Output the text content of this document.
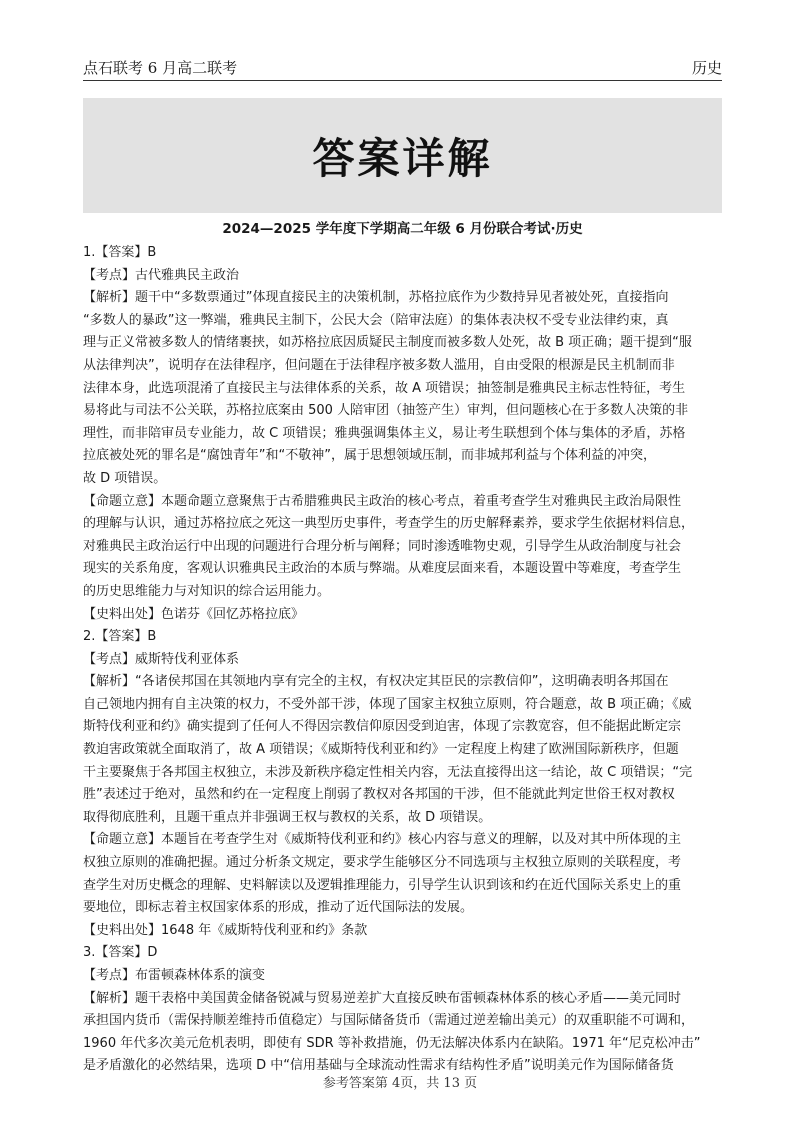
点石联考 6 月高二联考	历史
答案详解
2024—2025 学年度下学期高二年级 6 月份联合考试·历史
1.【答案】B
【考点】古代雅典民主政治
【解析】题干中“多数票通过”体现直接民主的决策机制，苏格拉底作为少数持异见者被处死，直接指向
“多数人的暴政”这一弊端，雅典民主制下，公民大会（陪审法庭）的集体表决权不受专业法律约束，真
理与正义常被多数人的情绪裹挟，如苏格拉底因质疑民主制度而被多数人处死，故 B 项正确；题干提到“服
从法律判决”，说明存在法律程序，但问题在于法律程序被多数人滥用，自由受限的根源是民主机制而非
法律本身，此选项混淆了直接民主与法律体系的关系，故 A 项错误；抽签制是雅典民主标志性特征，考生
易将此与司法不公关联，苏格拉底案由 500 人陪审团（抽签产生）审判，但问题核心在于多数人决策的非
理性，而非陪审员专业能力，故 C 项错误；雅典强调集体主义，易让考生联想到个体与集体的矛盾，苏格
拉底被处死的罪名是“腐蚀青年”和“不敬神”，属于思想领域压制，而非城邦利益与个体利益的冲突，
故 D 项错误。
【命题立意】本题命题立意聚焦于古希腊雅典民主政治的核心考点，着重考查学生对雅典民主政治局限性
的理解与认识，通过苏格拉底之死这一典型历史事件，考查学生的历史解释素养，要求学生依据材料信息，
对雅典民主政治运行中出现的问题进行合理分析与阐释；同时渗透唯物史观，引导学生从政治制度与社会
现实的关系角度，客观认识雅典民主政治的本质与弊端。从难度层面来看，本题设置中等难度，考查学生
的历史思维能力与对知识的综合运用能力。
【史料出处】色诺芬《回忆苏格拉底》
2.【答案】B
【考点】威斯特伐利亚体系
【解析】“各诸侯邦国在其领地内享有完全的主权，有权决定其臣民的宗教信仰”，这明确表明各邦国在
自己领地内拥有自主决策的权力，不受外部干涉，体现了国家主权独立原则，符合题意，故 B 项正确；《威
斯特伐利亚和约》确实提到了任何人不得因宗教信仰原因受到迫害，体现了宗教宽容，但不能据此断定宗
教迫害政策就全面取消了，故 A 项错误；《威斯特伐利亚和约》一定程度上构建了欧洲国际新秩序，但题
干主要聚焦于各邦国主权独立，未涉及新秩序稳定性相关内容，无法直接得出这一结论，故 C 项错误；“完
胜”表述过于绝对，虽然和约在一定程度上削弱了教权对各邦国的干涉，但不能就此判定世俗王权对教权
取得彻底胜利，且题干重点并非强调王权与教权的关系，故 D 项错误。
【命题立意】本题旨在考查学生对《威斯特伐利亚和约》核心内容与意义的理解，以及对其中所体现的主
权独立原则的准确把握。通过分析条文规定，要求学生能够区分不同选项与主权独立原则的关联程度，考
查学生对历史概念的理解、史料解读以及逻辑推理能力，引导学生认识到该和约在近代国际关系史上的重
要地位，即标志着主权国家体系的形成，推动了近代国际法的发展。
【史料出处】1648 年《威斯特伐利亚和约》条款
3.【答案】D
【考点】布雷顿森林体系的演变
【解析】题干表格中美国黄金储备锐减与贸易逆差扩大直接反映布雷顿森林体系的核心矛盾——美元同时
承担国内货币（需保持顺差维持币值稳定）与国际储备货币（需通过逆差输出美元）的双重职能不可调和，
1960 年代多次美元危机表明，即使有 SDR 等补救措施，仍无法解决体系内在缺陷。1971 年“尼克松冲击”
是矛盾激化的必然结果，选项 D 中“信用基础与全球流动性需求有结构性矛盾”说明美元作为国际储备货
参考答案第 4页，共 13 页
